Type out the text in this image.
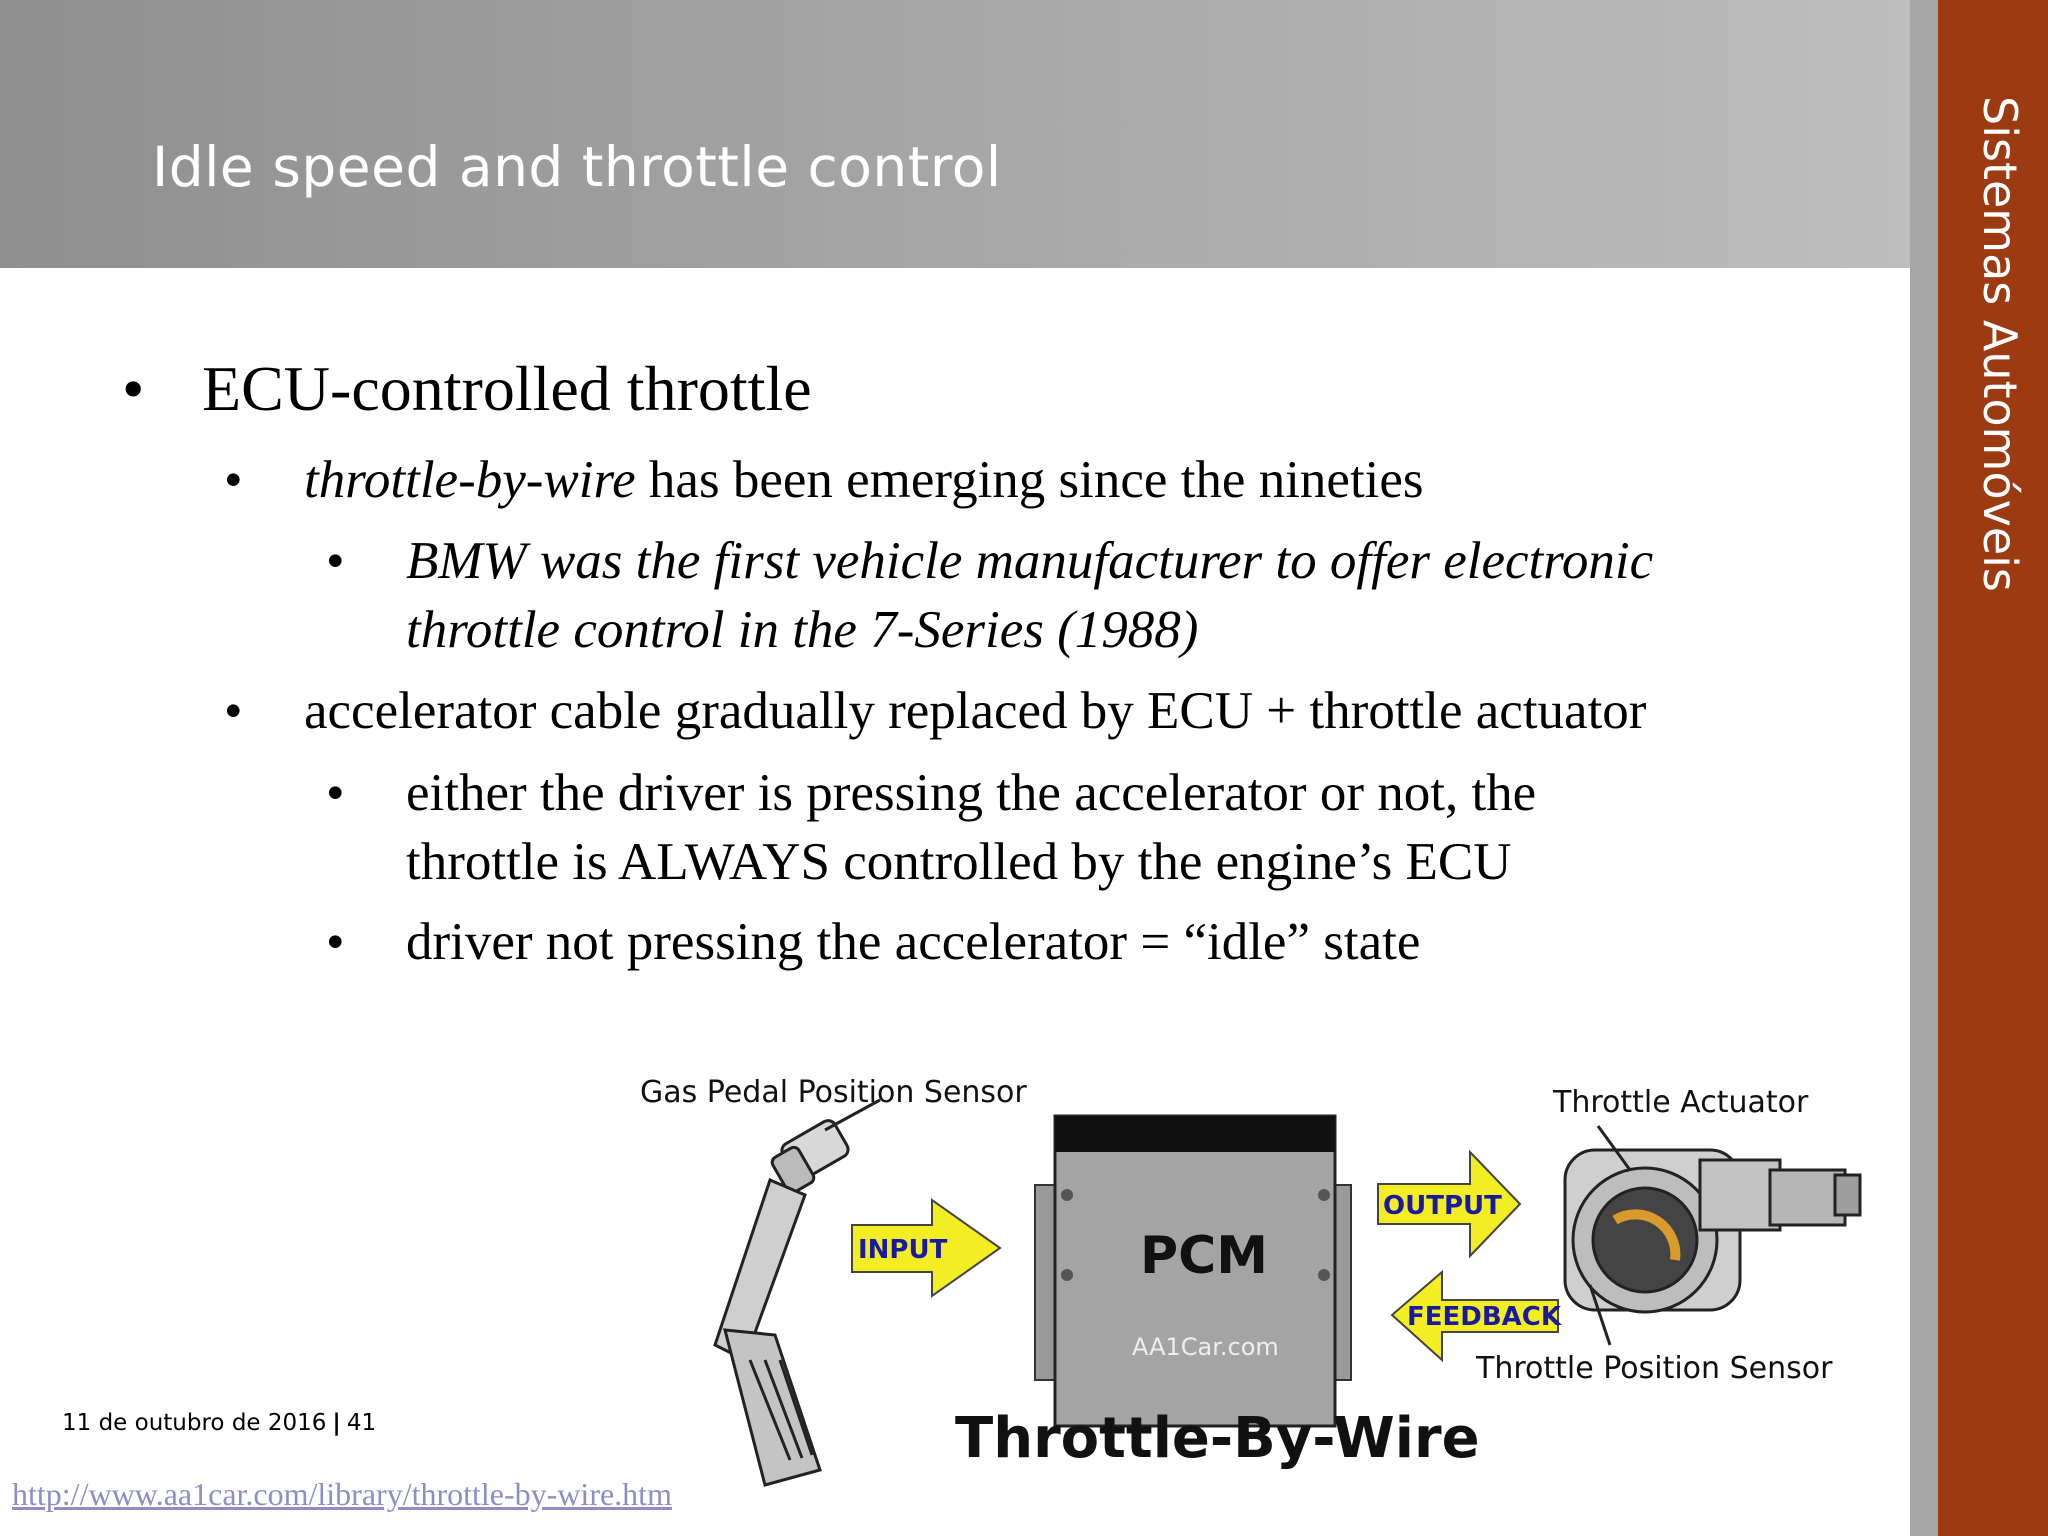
Idle speed and throttle control	Sistemas Automóveis
• ECU-controlled throttle
• throttle-by-wire has been emerging since the nineties
• BMW was the first vehicle manufacturer to offer electronic
throttle control in the 7-Series (1988)
• accelerator cable gradually replaced by ECU + throttle actuator
• either the driver is pressing the accelerator or not, the
throttle is ALWAYS controlled by the engine’s ECU
• driver not pressing the accelerator = “idle” state
Gas Pedal Position Sensor	Throttle Actuator
Throttle Position Sensor
INPUT	PCM
AA1Car.com
OUTPUT
FEEDBACK
Throttle-By-Wire
11 de outubro de 2016 | 41
http://www.aa1car.com/library/throttle-by-wire.htm
